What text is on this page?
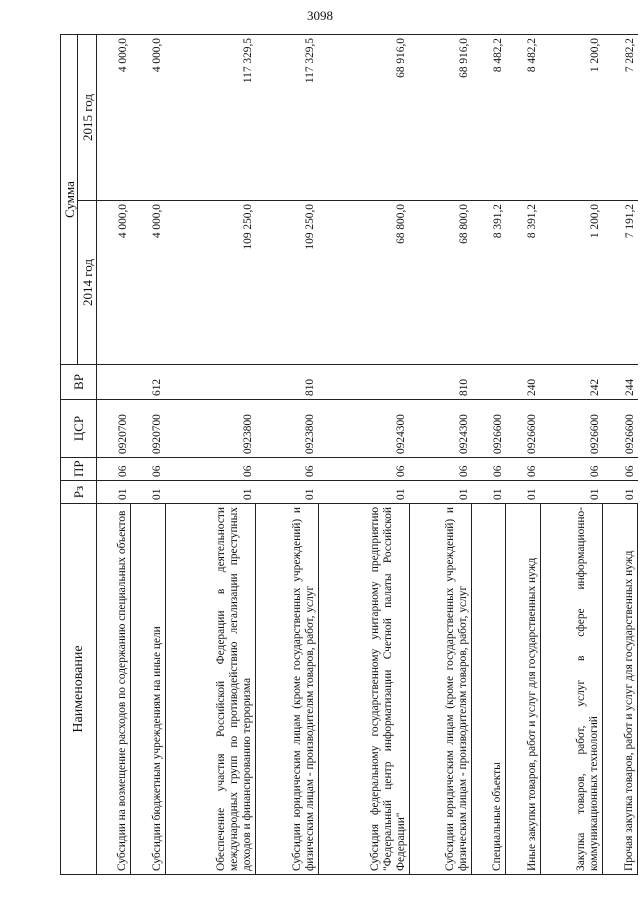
3098
Наименование	Рз	ПР	ЦСР	ВР	Сумма	
					2014 год	2015 год
Субсидии на возмещение расходов по содержанию специальных объектов	01	06	0920700		4 000,0	4 000,0
Субсидии бюджетным учреждениям на иные цели	01	06	0920700	612	4 000,0	4 000,0
Обеспечение участия Российской Федерации в деятельности международных групп по противодействию легализации преступных доходов и финансированию терроризма	01	06	0923800		109 250,0	117 329,5
Субсидии юридическим лицам (кроме государственных учреждений) и физическим лицам - производителям товаров, работ, услуг	01	06	0923800	810	109 250,0	117 329,5
Субсидия федеральному государственному унитарному предприятию "Федеральный центр информатизации Счетной палаты Российской Федерации"	01	06	0924300		68 800,0	68 916,0
Субсидии юридическим лицам (кроме государственных учреждений) и физическим лицам - производителям товаров, работ, услуг	01	06	0924300	810	68 800,0	68 916,0
Специальные объекты	01	06	0926600		8 391,2	8 482,2
Иные закупки товаров, работ и услуг для государственных нужд	01	06	0926600	240	8 391,2	8 482,2
Закупка товаров, работ, услуг в сфере информационно-коммуникационных технологий	01	06	0926600	242	1 200,0	1 200,0
Прочая закупка товаров, работ и услуг для государственных нужд	01	06	0926600	244	7 191,2	7 282,2
